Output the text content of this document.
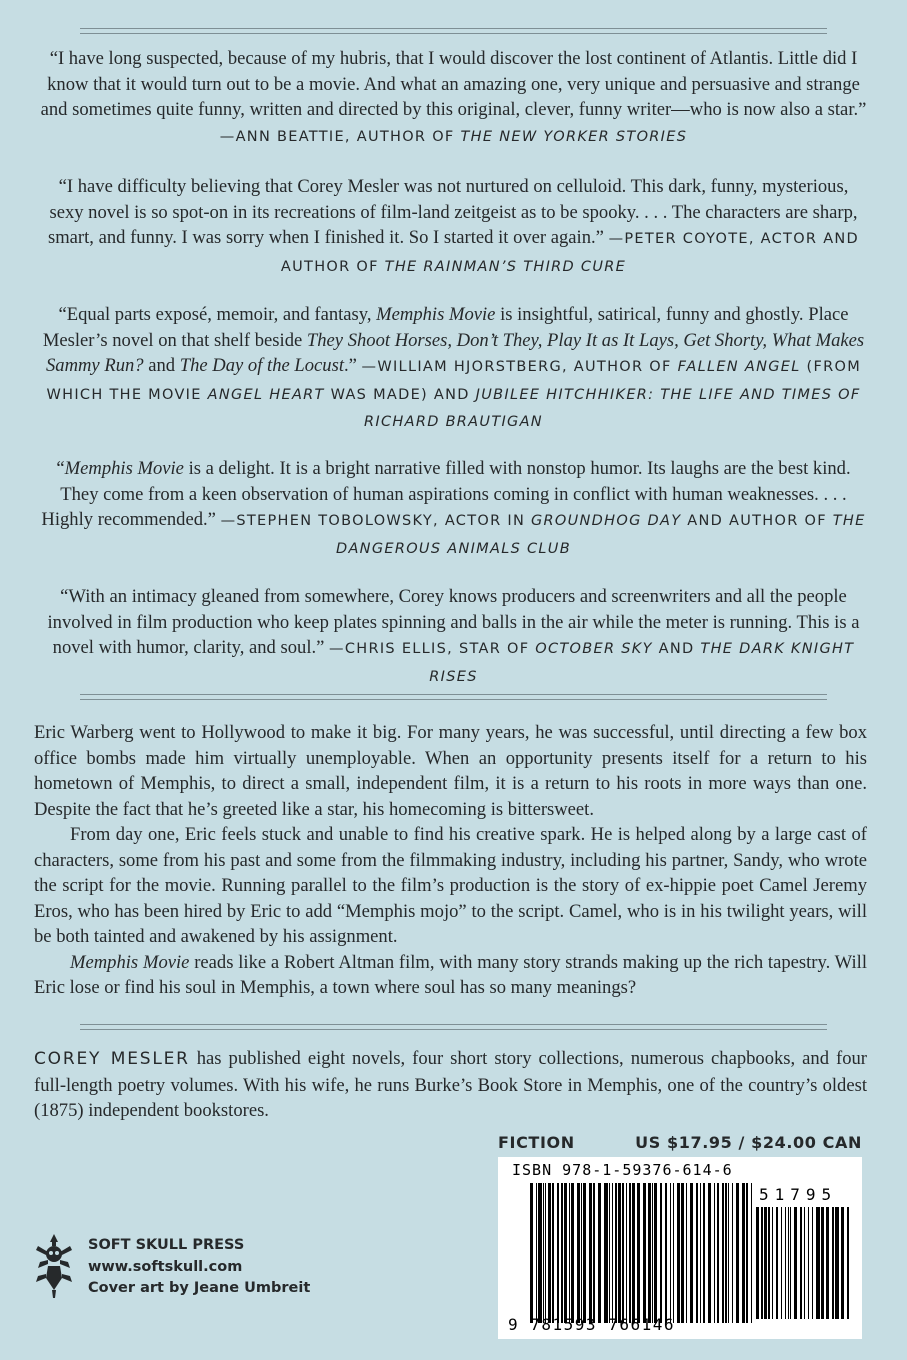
“I have long suspected, because of my hubris, that I would discover the lost continent of Atlantis. Little did I know that it would turn out to be a movie. And what an amazing one, very unique and persuasive and strange and sometimes quite funny, written and directed by this original, clever, funny writer—who is now also a star.” —ANN BEATTIE, AUTHOR OF THE NEW YORKER STORIES
“I have difficulty believing that Corey Mesler was not nurtured on celluloid. This dark, funny, mysterious, sexy novel is so spot-on in its recreations of film-land zeitgeist as to be spooky. . . . The characters are sharp, smart, and funny. I was sorry when I finished it. So I started it over again.” —PETER COYOTE, ACTOR AND AUTHOR OF THE RAINMAN’S THIRD CURE
“Equal parts exposé, memoir, and fantasy, Memphis Movie is insightful, satirical, funny and ghostly. Place Mesler’s novel on that shelf beside They Shoot Horses, Don’t They, Play It as It Lays, Get Shorty, What Makes Sammy Run? and The Day of the Locust.” —WILLIAM HJORSTBERG, AUTHOR OF FALLEN ANGEL (FROM WHICH THE MOVIE ANGEL HEART WAS MADE) AND JUBILEE HITCHHIKER: THE LIFE AND TIMES OF RICHARD BRAUTIGAN
“Memphis Movie is a delight. It is a bright narrative filled with nonstop humor. Its laughs are the best kind. They come from a keen observation of human aspirations coming in conflict with human weaknesses. . . . Highly recommended.” —STEPHEN TOBOLOWSKY, ACTOR IN GROUNDHOG DAY AND AUTHOR OF THE DANGEROUS ANIMALS CLUB
“With an intimacy gleaned from somewhere, Corey knows producers and screenwriters and all the people involved in film production who keep plates spinning and balls in the air while the meter is running. This is a novel with humor, clarity, and soul.” —CHRIS ELLIS, STAR OF OCTOBER SKY AND THE DARK KNIGHT RISES

Eric Warberg went to Hollywood to make it big. For many years, he was successful, until directing a few box office bombs made him virtually unemployable. When an opportunity presents itself for a return to his hometown of Memphis, to direct a small, independent film, it is a return to his roots in more ways than one. Despite the fact that he’s greeted like a star, his homecoming is bittersweet.

From day one, Eric feels stuck and unable to find his creative spark. He is helped along by a large cast of characters, some from his past and some from the filmmaking industry, including his partner, Sandy, who wrote the script for the movie. Running parallel to the film’s production is the story of ex-hippie poet Camel Jeremy Eros, who has been hired by Eric to add “Memphis mojo” to the script. Camel, who is in his twilight years, will be both tainted and awakened by his assignment.

Memphis Movie reads like a Robert Altman film, with many story strands making up the rich tapestry. Will Eric lose or find his soul in Memphis, a town where soul has so many meanings?

COREY MESLER has published eight novels, four short story collections, numerous chapbooks, and four full-length poetry volumes. With his wife, he runs Burke’s Book Store in Memphis, one of the country’s oldest (1875) independent bookstores.
FICTION	US $17.95 / $24.00 CAN
ISBN 978-1-59376-614-6
51795
9 781593 766146
SOFT SKULL PRESS
www.softskull.com
Cover art by Jeane Umbreit
